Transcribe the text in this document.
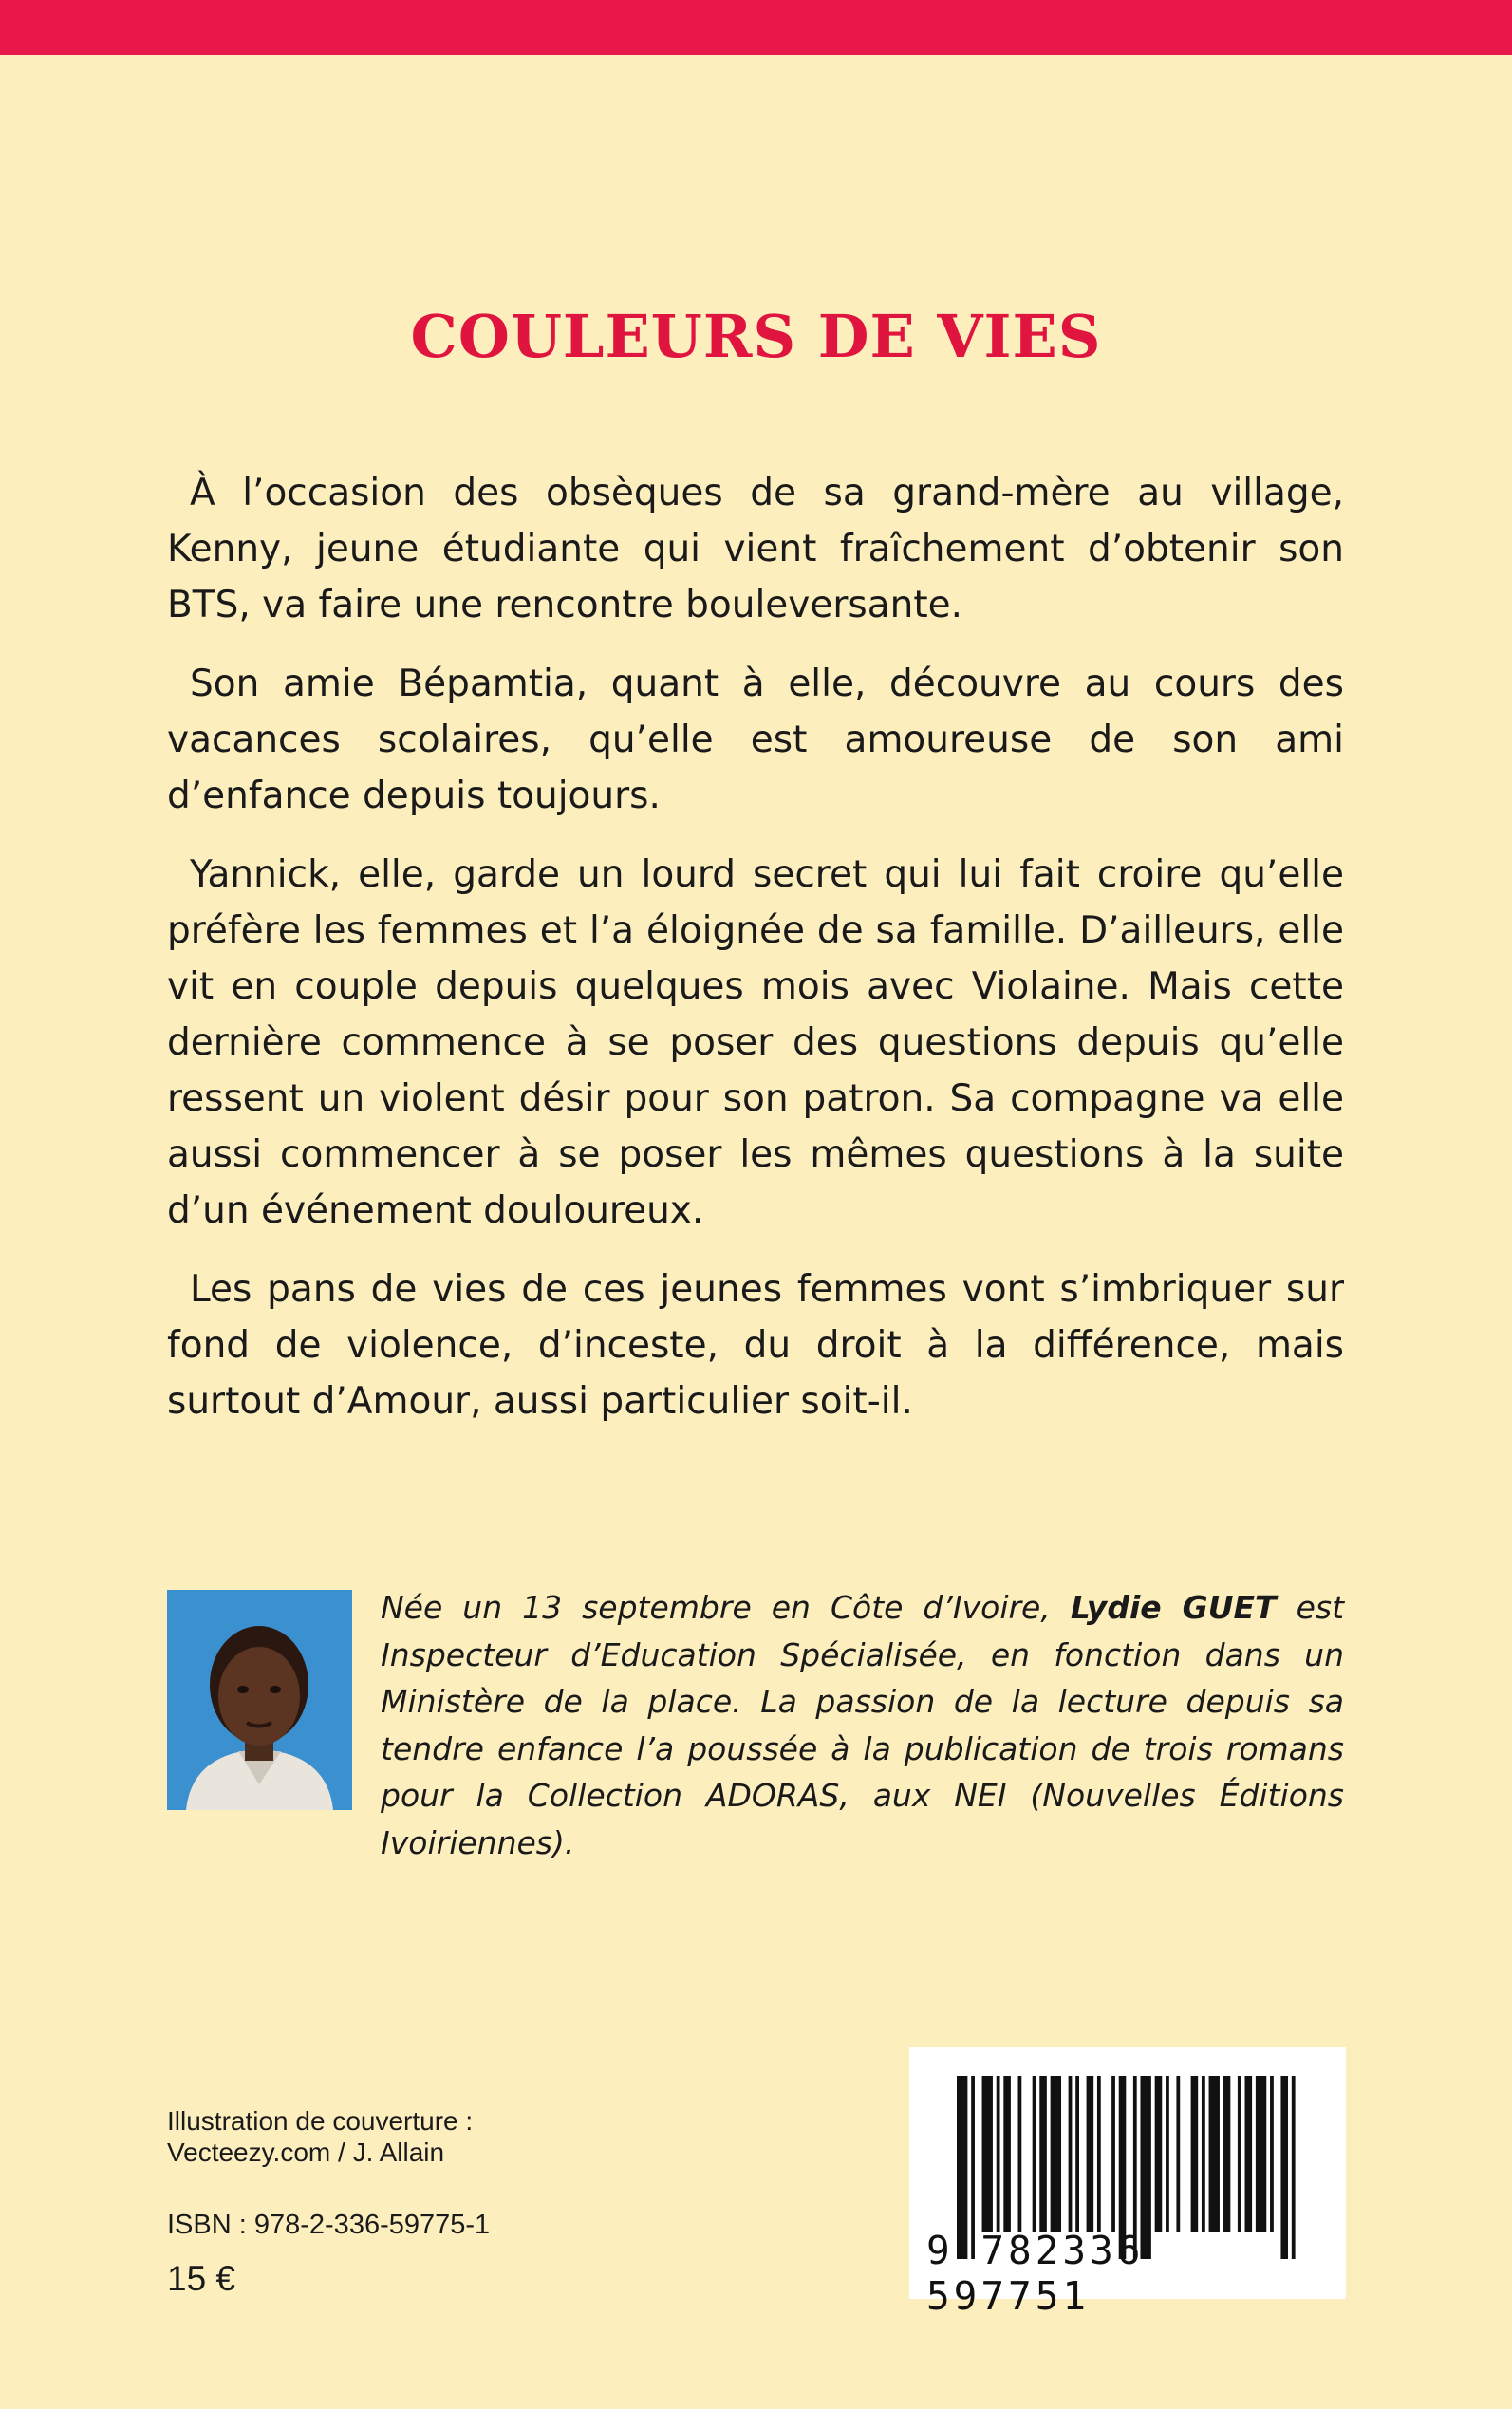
COULEURS DE VIES

À l’occasion des obsèques de sa grand-mère au village, Kenny, jeune étudiante qui vient fraîchement d’obtenir son BTS, va faire une rencontre bouleversante.

Son amie Bépamtia, quant à elle, découvre au cours des vacances scolaires, qu’elle est amoureuse de son ami d’enfance depuis toujours.

Yannick, elle, garde un lourd secret qui lui fait croire qu’elle préfère les femmes et l’a éloignée de sa famille. D’ailleurs, elle vit en couple depuis quelques mois avec Violaine. Mais cette dernière commence à se poser des questions depuis qu’elle ressent un violent désir pour son patron. Sa compagne va elle aussi commencer à se poser les mêmes questions à la suite d’un événement douloureux.

Les pans de vies de ces jeunes femmes vont s’imbriquer sur fond de violence, d’inceste, du droit à la différence, mais surtout d’Amour, aussi particulier soit-il.

Née un 13 septembre en Côte d’Ivoire, Lydie GUET est Inspecteur d’Education Spécialisée, en fonction dans un Ministère de la place. La passion de la lecture depuis sa tendre enfance l’a poussée à la publication de trois romans pour la Collection ADORAS, aux NEI (Nouvelles Éditions Ivoiriennes).

Illustration de couverture :
Vecteezy.com / J. Allain
ISBN : 978-2-336-59775-1
15 €
9 782336 597751
